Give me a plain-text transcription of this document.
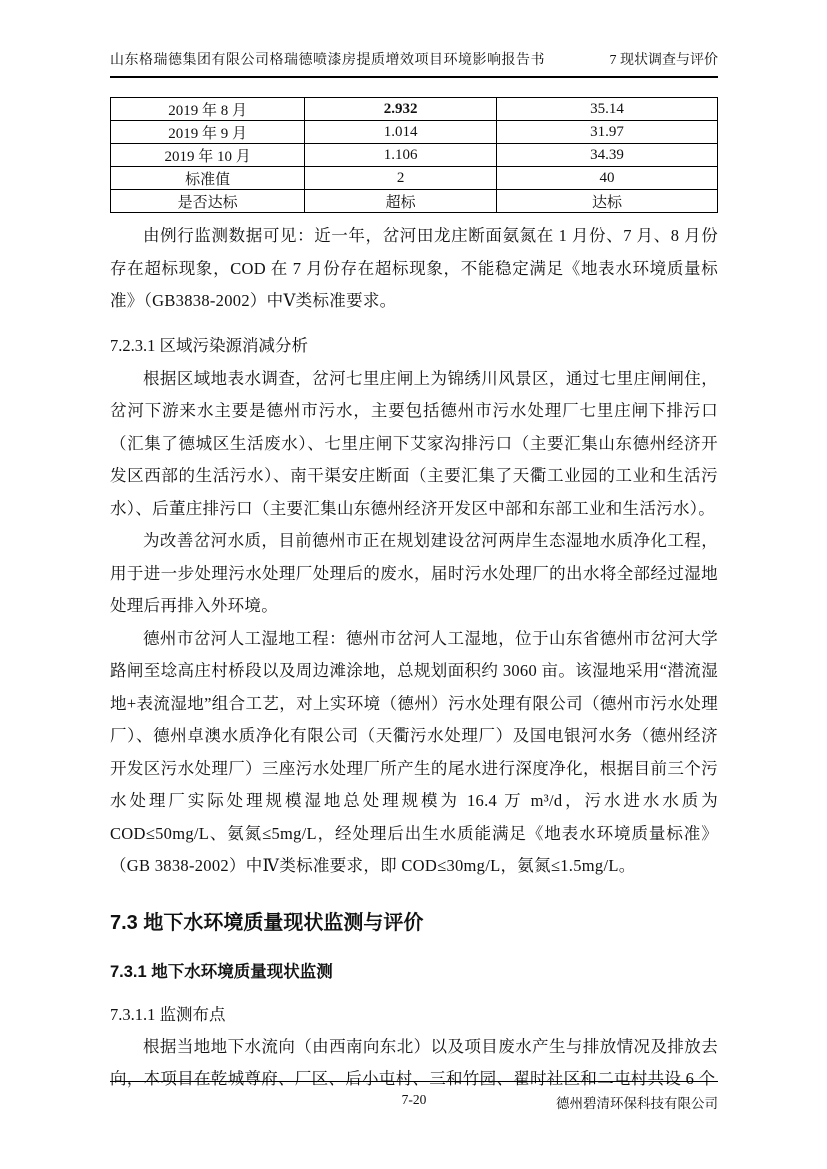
山东格瑞德集团有限公司格瑞德喷漆房提质增效项目环境影响报告书	7 现状调查与评价
2019 年 8 月	2.932	35.14
2019 年 9 月	1.014	31.97
2019 年 10 月	1.106	34.39
标准值	2	40
是否达标	超标	达标

由例行监测数据可见：近一年，岔河田龙庄断面氨氮在 1 月份、7 月、8 月份存在超标现象，COD 在 7 月份存在超标现象，不能稳定满足《地表水环境质量标准》（GB3838-2002）中Ⅴ类标准要求。

7.2.3.1 区域污染源消减分析

根据区域地表水调查，岔河七里庄闸上为锦绣川风景区，通过七里庄闸闸住，岔河下游来水主要是德州市污水，主要包括德州市污水处理厂七里庄闸下排污口（汇集了德城区生活废水）、七里庄闸下艾家沟排污口（主要汇集山东德州经济开发区西部的生活污水）、南干渠安庄断面（主要汇集了天衢工业园的工业和生活污水）、后董庄排污口（主要汇集山东德州经济开发区中部和东部工业和生活污水）。

为改善岔河水质，目前德州市正在规划建设岔河两岸生态湿地水质净化工程，用于进一步处理污水处理厂处理后的废水，届时污水处理厂的出水将全部经过湿地处理后再排入外环境。

德州市岔河人工湿地工程：德州市岔河人工湿地，位于山东省德州市岔河大学路闸至埝高庄村桥段以及周边滩涂地，总规划面积约 3060 亩。该湿地采用“潜流湿地+表流湿地”组合工艺，对上实环境（德州）污水处理有限公司（德州市污水处理厂）、德州卓澳水质净化有限公司（天衢污水处理厂）及国电银河水务（德州经济开发区污水处理厂）三座污水处理厂所产生的尾水进行深度净化，根据目前三个污水处理厂实际处理规模湿地总处理规模为 16.4 万 m³/d，污水进水水质为 COD≤50mg/L、氨氮≤5mg/L，经处理后出生水质能满足《地表水环境质量标准》（GB 3838-2002）中Ⅳ类标准要求，即 COD≤30mg/L，氨氮≤1.5mg/L。

7.3 地下水环境质量现状监测与评价
7.3.1 地下水环境质量现状监测
7.3.1.1 监测布点

根据当地地下水流向（由西南向东北）以及项目废水产生与排放情况及排放去向，本项目在乾城尊府、厂区、后小屯村、三和竹园、翟时社区和二屯村共设 6 个

7-20	德州碧清环保科技有限公司
